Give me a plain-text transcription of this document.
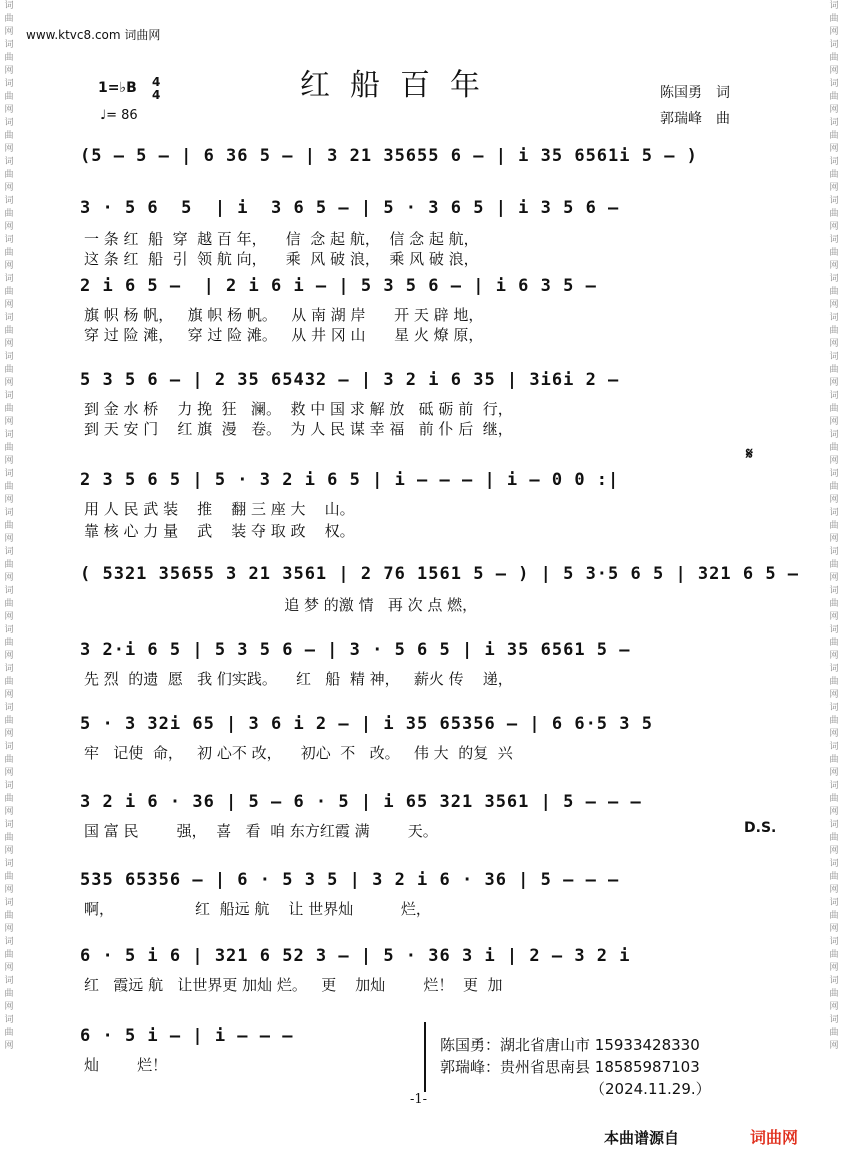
词曲网词曲网词曲网词曲网词曲网词曲网词曲网词曲网词曲网词曲网词曲网词曲网词曲网词曲网词曲网词曲网词曲网词曲网词曲网词曲网词曲网词曲网词曲网词曲网词曲网词曲网词曲网
词曲网词曲网词曲网词曲网词曲网词曲网词曲网词曲网词曲网词曲网词曲网词曲网词曲网词曲网词曲网词曲网词曲网词曲网词曲网词曲网词曲网词曲网词曲网词曲网词曲网词曲网词曲网
www.ktvc8.com 词曲网
红船百年	陈国勇　词
郭瑞峰　曲
1=♭B 4
4
♩= 86
(5 — 5 — | 6 36 5 — | 3 21 35655 6 — | i 35 6561i 5 — )
3 · 5 6  5  | i  3 6 5 — | 5 · 3 6 5 | i 3 5 6 —
一 条 红  船  穿  越 百 年，    信  念 起 航，  信 念 起 航，
这 条 红  船  引  领 航 向，    乘  风 破 浪，  乘 风 破 浪，
2 i 6 5 —  | 2 i 6 i — | 5 3 5 6 — | i 6 3 5 —
旗 帜 杨 帆，   旗 帜 杨 帆。   从 南 湖 岸      开 天 辟 地，
穿 过 险 滩，   穿 过 险 滩。   从 井 冈 山      星 火 燎 原，
5 3 5 6 — | 2 35 65432 — | 3 2 i 6 35 | 3i6i 2 —
到 金 水 桥    力 挽  狂   澜。  救 中 国 求 解 放   砥 砺 前  行，
到 天 安 门    红 旗  漫   卷。  为 人 民 谋 幸 福   前 仆 后  继，
2 3 5 6 5 | 5 · 3 2 i 6 5 | i — — — | i — 0 0 :|
用 人 民 武 装    推    翻 三 座 大    山。
靠 核 心 力 量    武    装 夺 取 政    权。
𝄋
( 5321 35655 3 21 3561 | 2 76 1561 5 — ) | 5 3·5 6 5 | 321 6 5 —
追 梦 的激 情   再 次 点 燃，
3 2·i 6 5 | 5 3 5 6 — | 3 · 5 6 5 | i 35 6561 5 —
先 烈  的遗  愿   我 们实践。    红   船  精 神，   薪火 传    递，
5 · 3 32i 65 | 3 6 i 2 — | i 35 65356 — | 6 6·5 3 5
牢   记使  命，   初 心不 改，    初心  不   改。   伟 大  的复  兴
3 2 i 6 · 36 | 5 — 6 · 5 | i 65 321 3561 | 5 — — —
国 富 民        强，  喜   看  咱 东方红霞 满        天。	D.S.
535 65356 — | 6 · 5 3 5 | 3 2 i 6 · 36 | 5 — — —
啊，                 红  船远 航    让 世界灿          烂，
6 · 5 i 6 | 321 6 52 3 — | 5 · 36 3 i | 2 — 3 2 i
红   霞远 航   让世界更 加灿 烂。   更    加灿        烂！  更  加
6 · 5 i — | i — — —
灿        烂！
陈国勇：湖北省唐山市 15933428330
郭瑞峰：贵州省思南县 18585987103
（2024.11.29.）
-1-
本曲谱源自	词曲网
